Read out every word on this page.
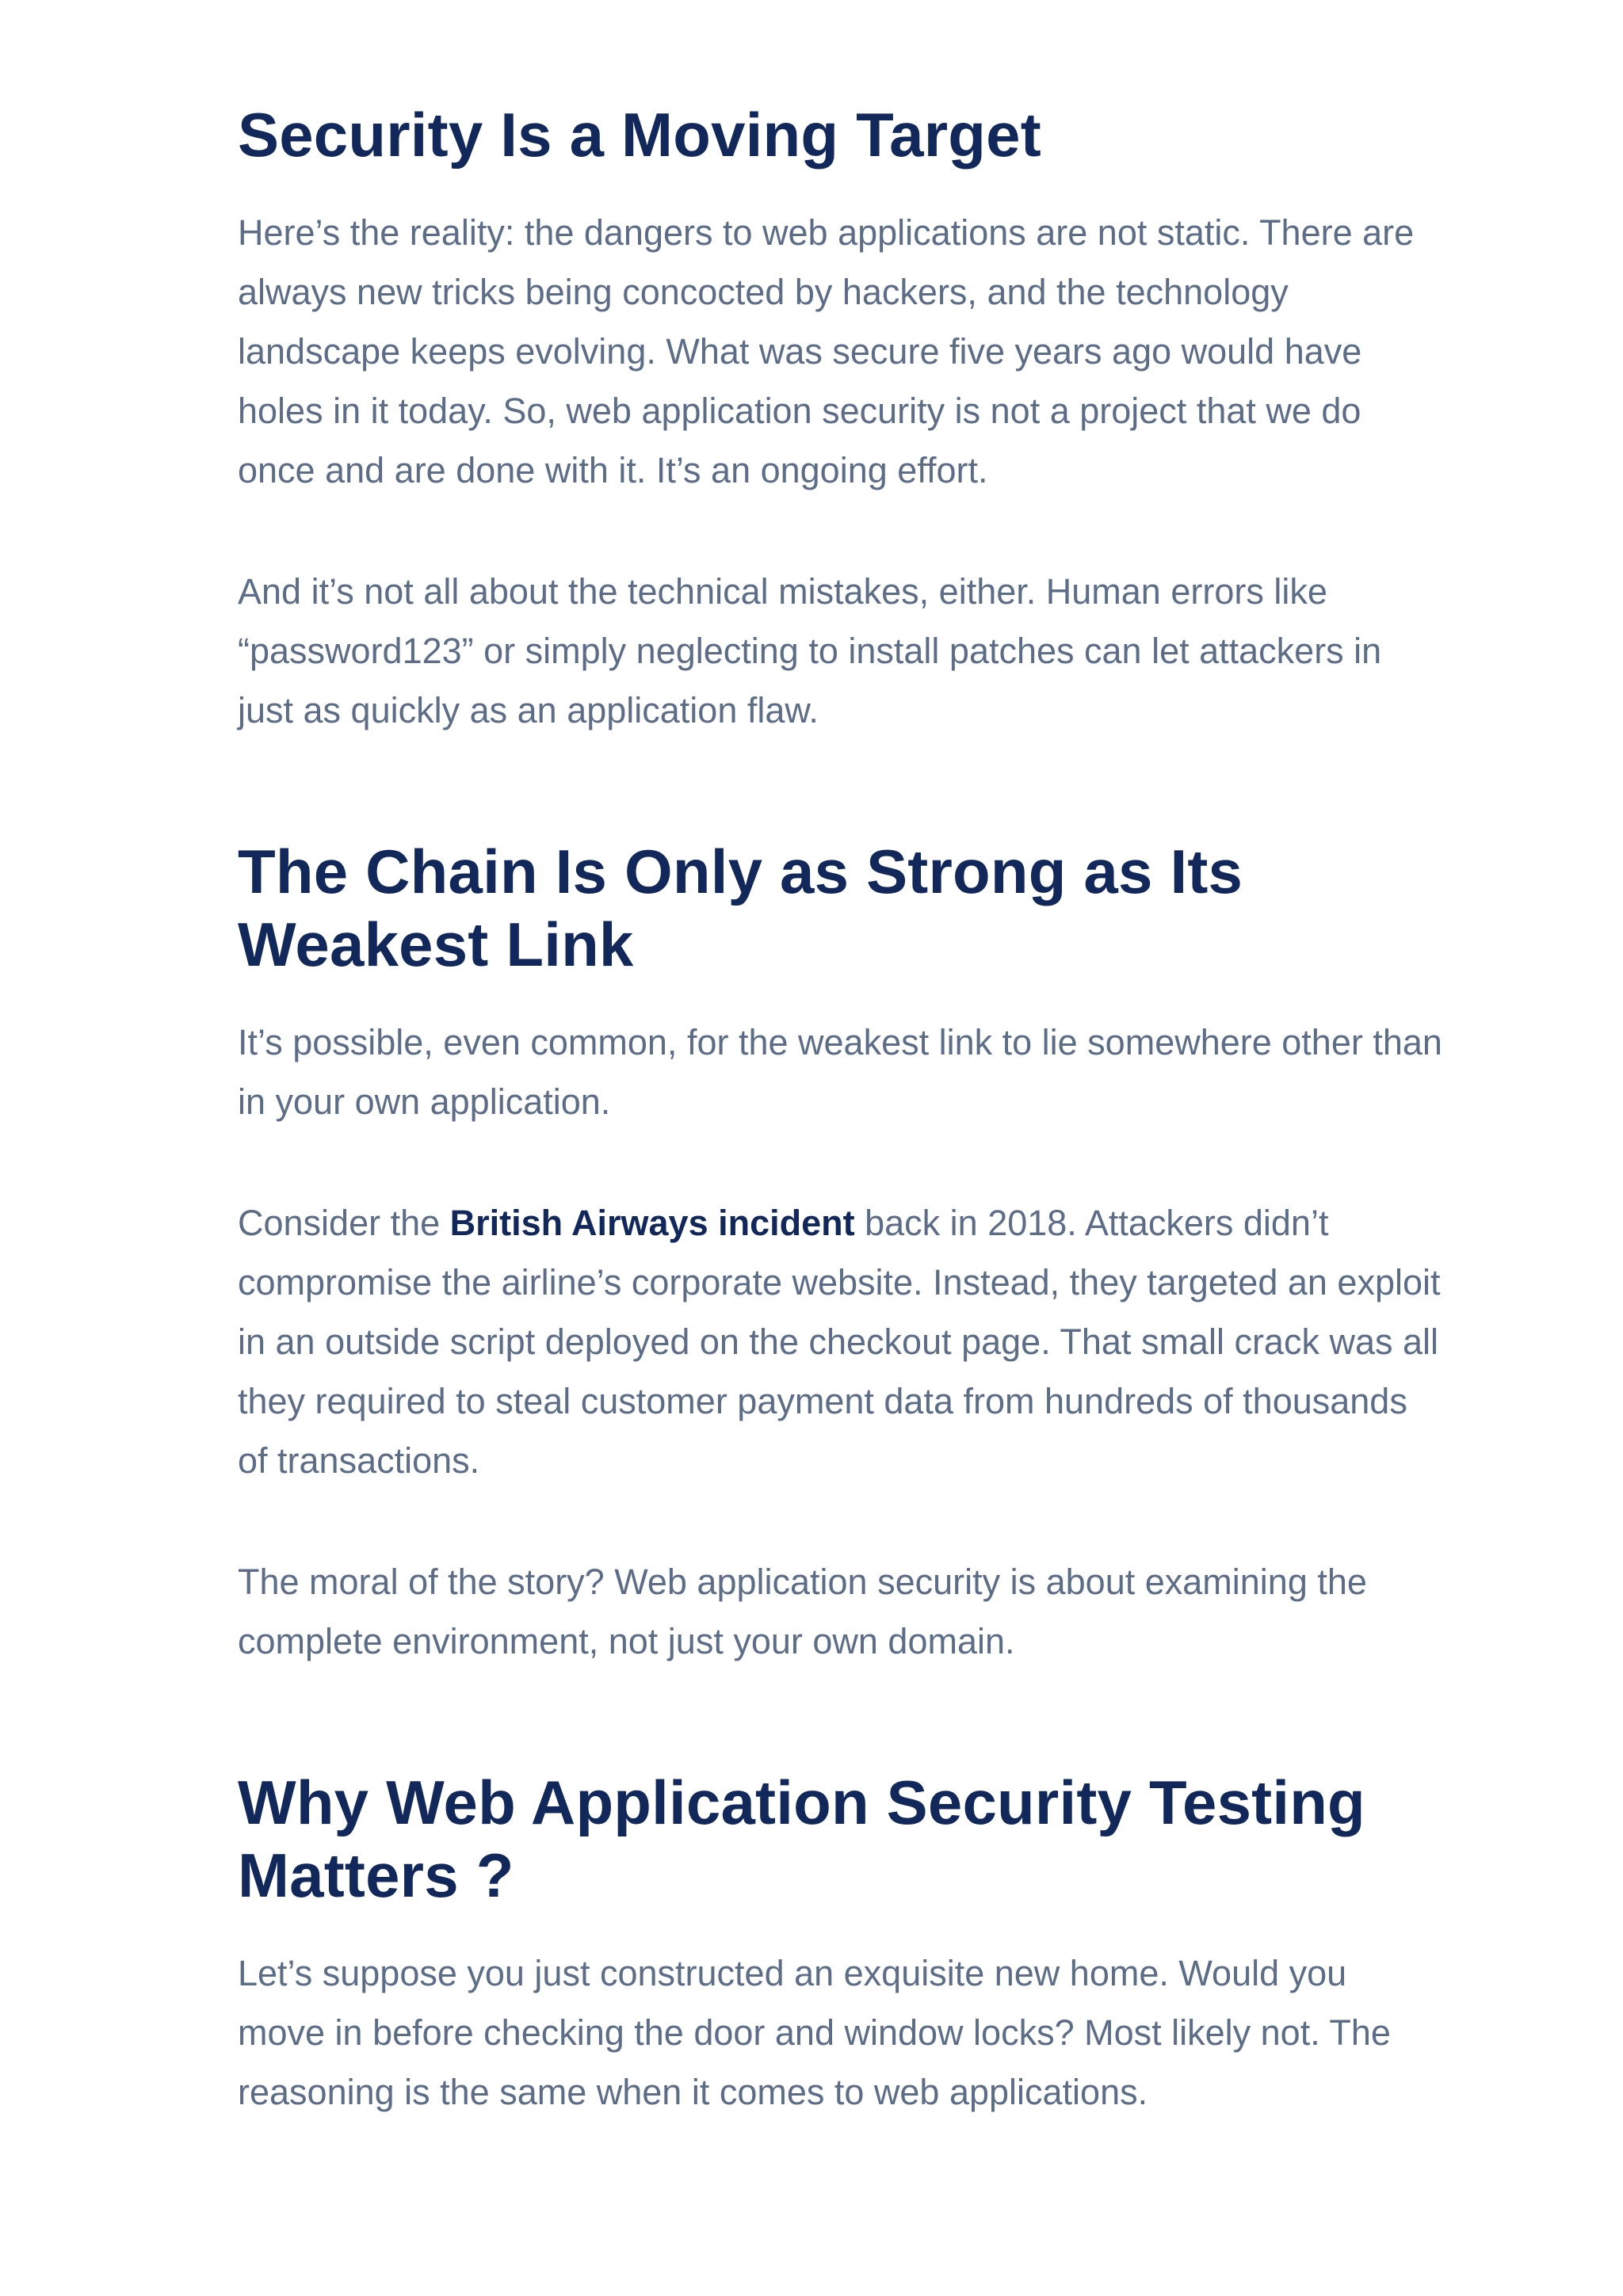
Security Is a Moving Target

Here’s the reality: the dangers to web applications are not static. There are always new tricks being concocted by hackers, and the technology landscape keeps evolving. What was secure five years ago would have holes in it today. So, web application security is not a project that we do once and are done with it. It’s an ongoing effort.

And it’s not all about the technical mistakes, either. Human errors like “password123” or simply neglecting to install patches can let attackers in just as quickly as an application flaw.

The Chain Is Only as Strong as Its Weakest Link

It’s possible, even common, for the weakest link to lie somewhere other than in your own application.

Consider the British Airways incident back in 2018. Attackers didn’t compromise the airline’s corporate website. Instead, they targeted an exploit in an outside script deployed on the checkout page. That small crack was all they required to steal customer payment data from hundreds of thousands of transactions.

The moral of the story? Web application security is about examining the complete environment, not just your own domain.

Why Web Application Security Testing Matters ?

Let’s suppose you just constructed an exquisite new home. Would you move in before checking the door and window locks? Most likely not. The reasoning is the same when it comes to web applications.
